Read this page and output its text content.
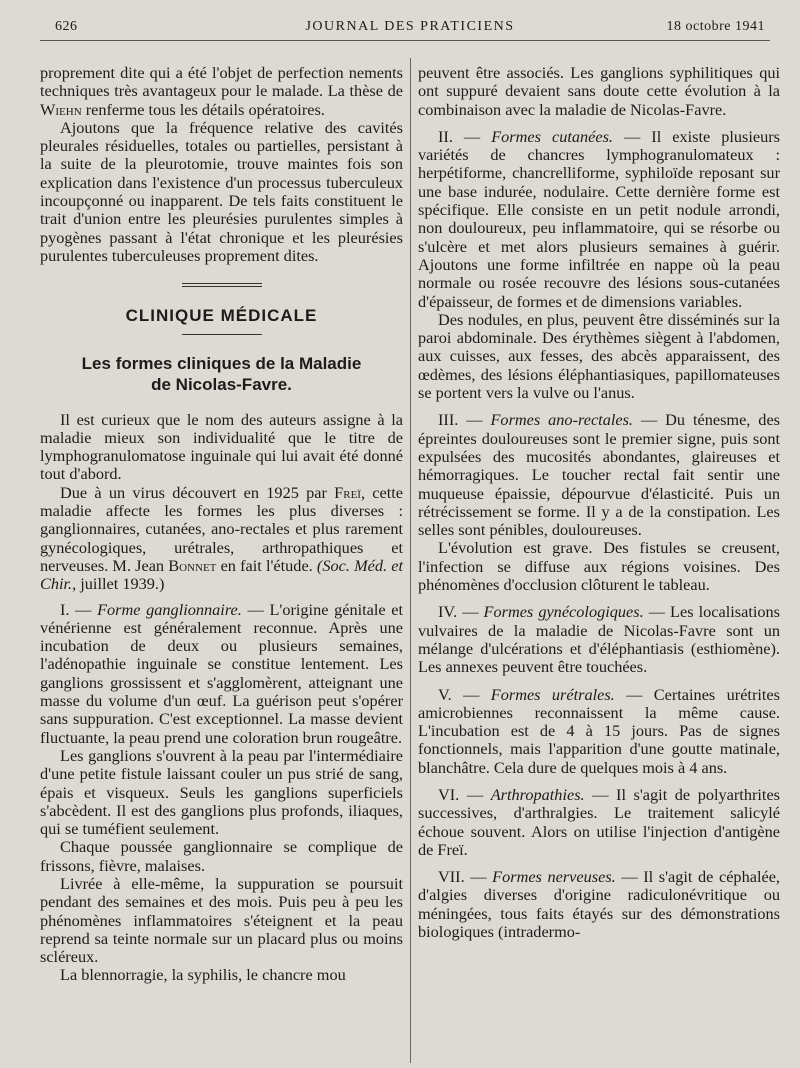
626	JOURNAL DES PRATICIENS	18 octobre 1941

proprement dite qui a été l'objet de perfection nements techniques très avantageux pour le malade. La thèse de Wiehn renferme tous les détails opératoires.

Ajoutons que la fréquence relative des cavités pleurales résiduelles, totales ou partielles, persistant à la suite de la pleurotomie, trouve maintes fois son explication dans l'existence d'un processus tuberculeux incoupçonné ou inapparent. De tels faits constituent le trait d'union entre les pleurésies purulentes simples à pyogènes passant à l'état chronique et les pleurésies purulentes tuberculeuses proprement dites.

CLINIQUE MÉDICALE
Les formes cliniques de la Maladie
de Nicolas-Favre.

Il est curieux que le nom des auteurs assigne à la maladie mieux son individualité que le titre de lymphogranulomatose inguinale qui lui avait été donné tout d'abord.

Due à un virus découvert en 1925 par Freï, cette maladie affecte les formes les plus diverses : ganglionnaires, cutanées, ano-rectales et plus rarement gynécologiques, urétrales, arthropathiques et nerveuses. M. Jean Bonnet en fait l'étude. (Soc. Méd. et Chir., juillet 1939.)

I. — Forme ganglionnaire. — L'origine génitale et vénérienne est généralement reconnue. Après une incubation de deux ou plusieurs semaines, l'adénopathie inguinale se constitue lentement. Les ganglions grossissent et s'agglomèrent, atteignant une masse du volume d'un œuf. La guérison peut s'opérer sans suppuration. C'est exceptionnel. La masse devient fluctuante, la peau prend une coloration brun rougeâtre.

Les ganglions s'ouvrent à la peau par l'intermédiaire d'une petite fistule laissant couler un pus strié de sang, épais et visqueux. Seuls les ganglions superficiels s'abcèdent. Il est des ganglions plus profonds, iliaques, qui se tuméfient seulement.

Chaque poussée ganglionnaire se complique de frissons, fièvre, malaises.

Livrée à elle-même, la suppuration se poursuit pendant des semaines et des mois. Puis peu à peu les phénomènes inflammatoires s'éteignent et la peau reprend sa teinte normale sur un placard plus ou moins scléreux.

La blennorragie, la syphilis, le chancre mou

peuvent être associés. Les ganglions syphilitiques qui ont suppuré devaient sans doute cette évolution à la combinaison avec la maladie de Nicolas-Favre.

II. — Formes cutanées. — Il existe plusieurs variétés de chancres lymphogranulomateux : herpétiforme, chancrelliforme, syphiloïde reposant sur une base indurée, nodulaire. Cette dernière forme est spécifique. Elle consiste en un petit nodule arrondi, non douloureux, peu inflammatoire, qui se résorbe ou s'ulcère et met alors plusieurs semaines à guérir. Ajoutons une forme infiltrée en nappe où la peau normale ou rosée recouvre des lésions sous-cutanées d'épaisseur, de formes et de dimensions variables.

Des nodules, en plus, peuvent être disséminés sur la paroi abdominale. Des érythèmes siègent à l'abdomen, aux cuisses, aux fesses, des abcès apparaissent, des œdèmes, des lésions éléphantiasiques, papillomateuses se portent vers la vulve ou l'anus.

III. — Formes ano-rectales. — Du ténesme, des épreintes douloureuses sont le premier signe, puis sont expulsées des mucosités abondantes, glaireuses et hémorragiques. Le toucher rectal fait sentir une muqueuse épaissie, dépourvue d'élasticité. Puis un rétrécissement se forme. Il y a de la constipation. Les selles sont pénibles, douloureuses.

L'évolution est grave. Des fistules se creusent, l'infection se diffuse aux régions voisines. Des phénomènes d'occlusion clôturent le tableau.

IV. — Formes gynécologiques. — Les localisations vulvaires de la maladie de Nicolas-Favre sont un mélange d'ulcérations et d'éléphantiasis (esthiomène). Les annexes peuvent être touchées.

V. — Formes urétrales. — Certaines urétrites amicrobiennes reconnaissent la même cause. L'incubation est de 4 à 15 jours. Pas de signes fonctionnels, mais l'apparition d'une goutte matinale, blanchâtre. Cela dure de quelques mois à 4 ans.

VI. — Arthropathies. — Il s'agit de polyarthrites successives, d'arthralgies. Le traitement salicylé échoue souvent. Alors on utilise l'injection d'antigène de Freï.

VII. — Formes nerveuses. — Il s'agit de céphalée, d'algies diverses d'origine radiculonévritique ou méningées, tous faits étayés sur des démonstrations biologiques (intradermo-
